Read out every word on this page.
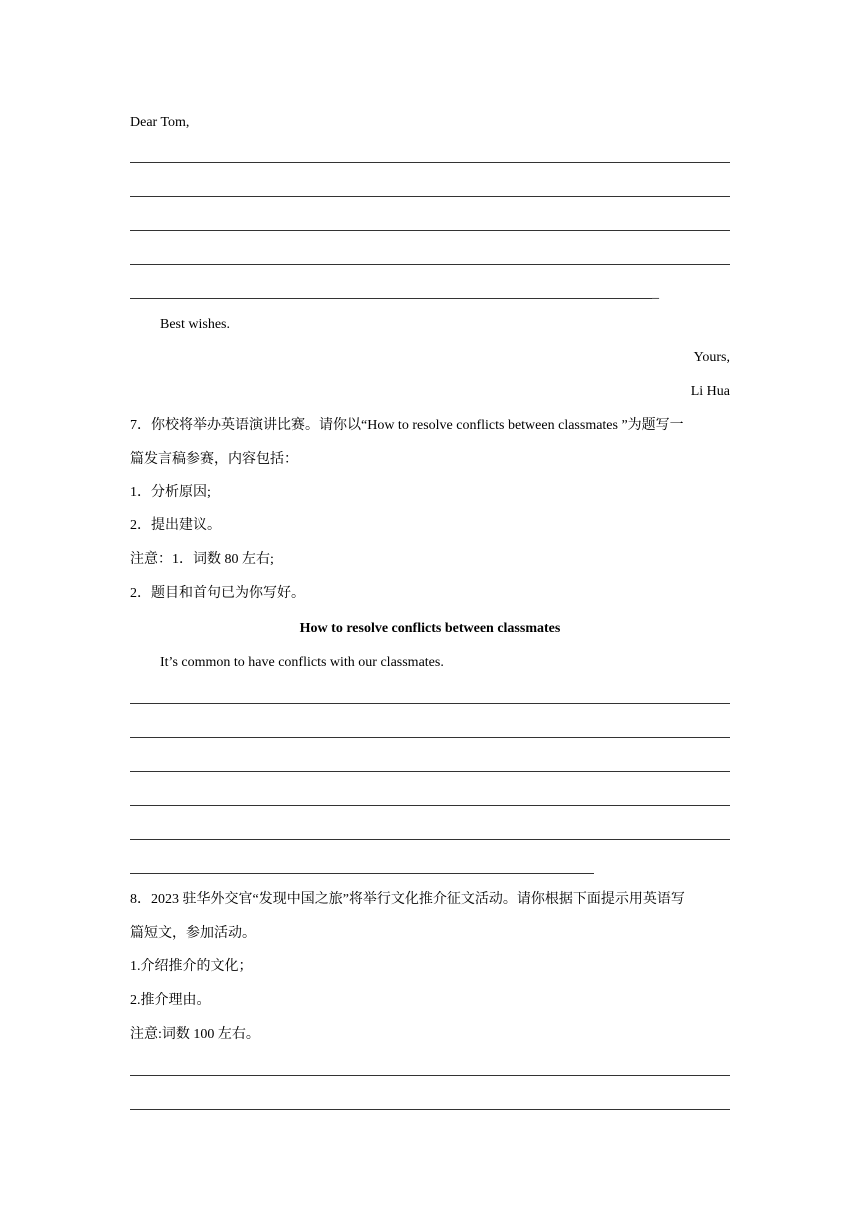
Dear Tom,
_
Best wishes.
Yours,
Li Hua
7．你校将举办英语演讲比赛。请你以“How to resolve conflicts between classmates ”为题写一
篇发言稿参赛，内容包括：
1．分析原因;
2．提出建议。
注意：1．词数 80 左右;
2．题目和首句已为你写好。
How to resolve conflicts between classmates
It’s common to have conflicts with our classmates.
8．2023 驻华外交官“发现中国之旅”将举行文化推介征文活动。请你根据下面提示用英语写
篇短文，参加活动。
1.介绍推介的文化；
2.推介理由。
注意:词数 100 左右。
